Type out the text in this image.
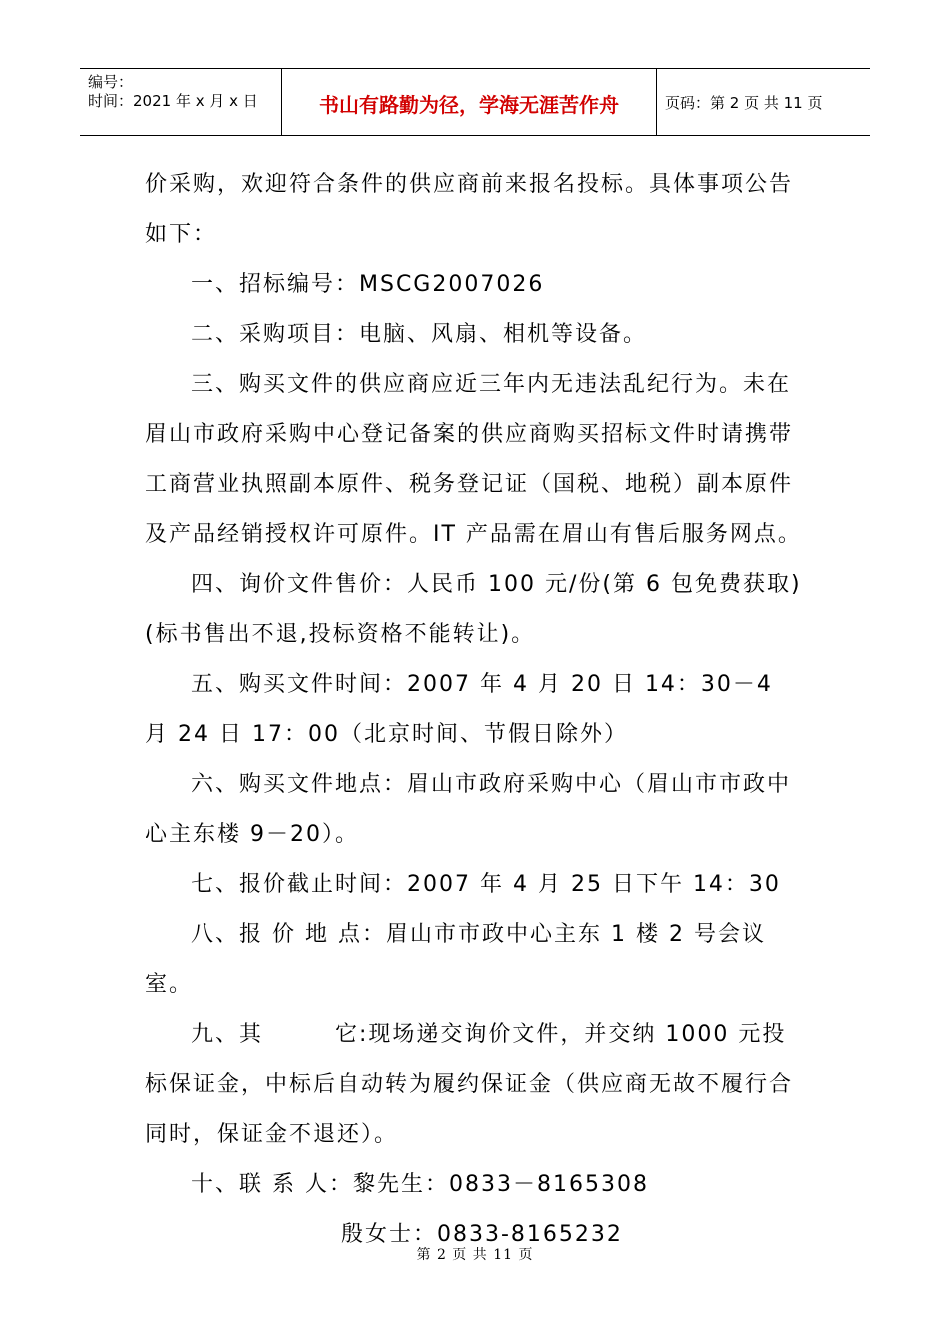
编号：
时间：2021 年 x 月 x 日	书山有路勤为径，学海无涯苦作舟	页码：第 2 页 共 11 页

价采购，欢迎符合条件的供应商前来报名投标。具体事项公告如下：

一、招标编号：MSCG2007026

二、采购项目：电脑、风扇、相机等设备。

三、购买文件的供应商应近三年内无违法乱纪行为。未在眉山市政府采购中心登记备案的供应商购买招标文件时请携带工商营业执照副本原件、税务登记证（国税、地税）副本原件及产品经销授权许可原件。IT 产品需在眉山有售后服务网点。

四、询价文件售价：人民币 100 元/份(第 6 包免费获取)(标书售出不退,投标资格不能转让)。

五、购买文件时间：2007 年 4 月 20 日 14：30－4 月 24 日 17：00（北京时间、节假日除外）

六、购买文件地点：眉山市政府采购中心（眉山市市政中心主东楼 9－20）。

七、报价截止时间：2007 年 4 月 25 日下午 14：30

八、报 价 地 点：眉山市市政中心主东 1 楼 2 号会议室。

九、其　　　它:现场递交询价文件，并交纳 1000 元投标保证金，中标后自动转为履约保证金（供应商无故不履行合同时，保证金不退还）。

十、联 系 人：黎先生：0833－8165308

殷女士：0833-8165232

第 2 页 共 11 页
